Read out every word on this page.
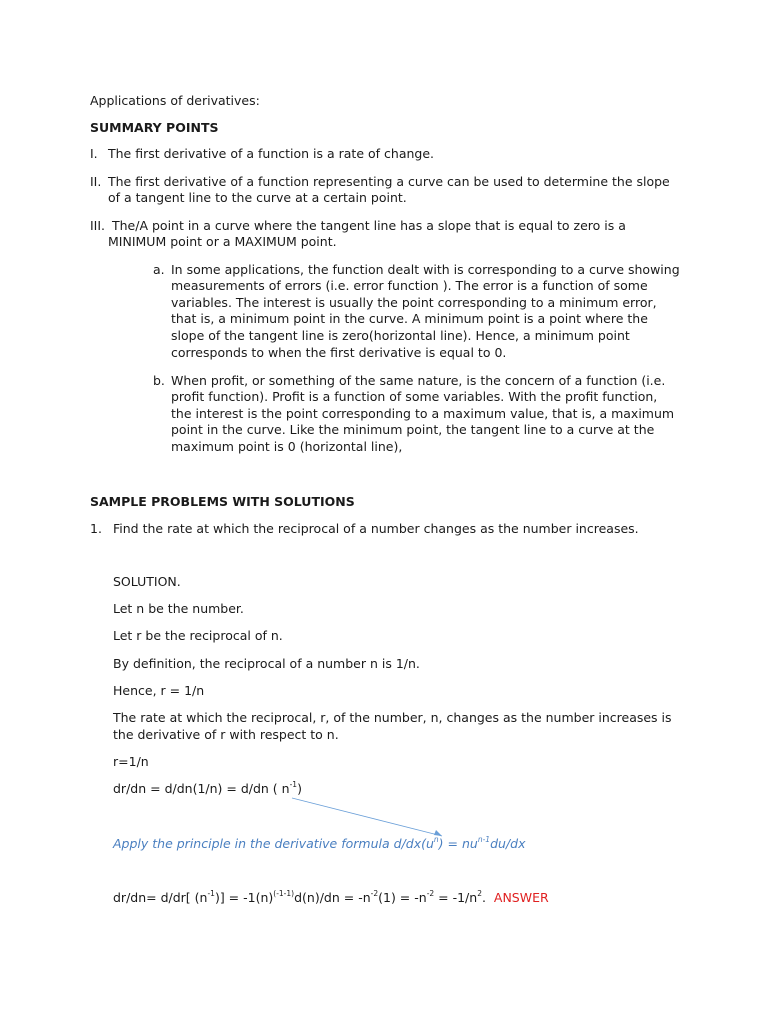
Applications of derivatives:
SUMMARY POINTS
I. The first derivative of a function is a rate of change.
II. The first derivative of a function representing a curve can be used to determine the slope
of a tangent line to the curve at a certain point.
III. The/A point in a curve where the tangent line has a slope that is equal to zero is a
MINIMUM point or a MAXIMUM point.
a. In some applications, the function dealt with is corresponding to a curve showing
measurements of errors (i.e. error function ). The error is a function of some
variables. The interest is usually the point corresponding to a minimum error,
that is, a minimum point in the curve. A minimum point is a point where the
slope of the tangent line is zero(horizontal line). Hence, a minimum point
corresponds to when the first derivative is equal to 0.
b. When profit, or something of the same nature, is the concern of a function (i.e.
profit function). Profit is a function of some variables. With the profit function,
the interest is the point corresponding to a maximum value, that is, a maximum
point in the curve. Like the minimum point, the tangent line to a curve at the
maximum point is 0 (horizontal line),
SAMPLE PROBLEMS WITH SOLUTIONS
1. Find the rate at which the reciprocal of a number changes as the number increases.
SOLUTION.
Let n be the number.
Let r be the reciprocal of n.
By definition, the reciprocal of a number n is 1/n.
Hence, r = 1/n
The rate at which the reciprocal, r, of the number, n, changes as the number increases is
the derivative of r with respect to n.
r=1/n
dr/dn = d/dn(1/n) = d/dn ( $n^{-1}$)
Apply the principle in the derivative formula $d/dx(u^n) = nu^{n-1}du/dx$
dr/dn= d/dr[ $(n^{-1})] = -1(n)^{(-1-1)}d(n)/dn = -n^{-2}(1) = -n^{-2} = -1/n^2$.  ANSWER
